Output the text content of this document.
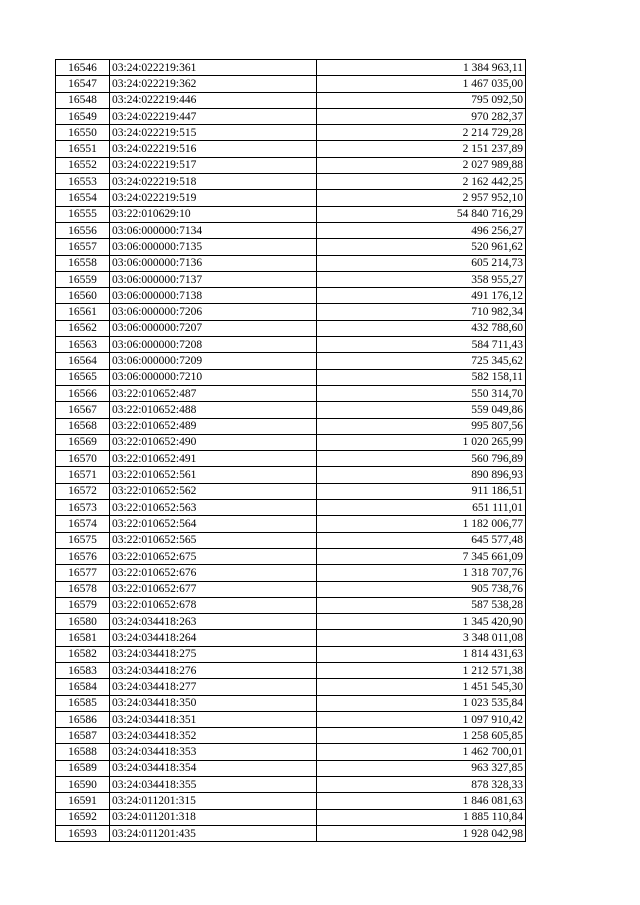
16546	03:24:022219:361	1 384 963,11
16547	03:24:022219:362	1 467 035,00
16548	03:24:022219:446	795 092,50
16549	03:24:022219:447	970 282,37
16550	03:24:022219:515	2 214 729,28
16551	03:24:022219:516	2 151 237,89
16552	03:24:022219:517	2 027 989,88
16553	03:24:022219:518	2 162 442,25
16554	03:24:022219:519	2 957 952,10
16555	03:22:010629:10	54 840 716,29
16556	03:06:000000:7134	496 256,27
16557	03:06:000000:7135	520 961,62
16558	03:06:000000:7136	605 214,73
16559	03:06:000000:7137	358 955,27
16560	03:06:000000:7138	491 176,12
16561	03:06:000000:7206	710 982,34
16562	03:06:000000:7207	432 788,60
16563	03:06:000000:7208	584 711,43
16564	03:06:000000:7209	725 345,62
16565	03:06:000000:7210	582 158,11
16566	03:22:010652:487	550 314,70
16567	03:22:010652:488	559 049,86
16568	03:22:010652:489	995 807,56
16569	03:22:010652:490	1 020 265,99
16570	03:22:010652:491	560 796,89
16571	03:22:010652:561	890 896,93
16572	03:22:010652:562	911 186,51
16573	03:22:010652:563	651 111,01
16574	03:22:010652:564	1 182 006,77
16575	03:22:010652:565	645 577,48
16576	03:22:010652:675	7 345 661,09
16577	03:22:010652:676	1 318 707,76
16578	03:22:010652:677	905 738,76
16579	03:22:010652:678	587 538,28
16580	03:24:034418:263	1 345 420,90
16581	03:24:034418:264	3 348 011,08
16582	03:24:034418:275	1 814 431,63
16583	03:24:034418:276	1 212 571,38
16584	03:24:034418:277	1 451 545,30
16585	03:24:034418:350	1 023 535,84
16586	03:24:034418:351	1 097 910,42
16587	03:24:034418:352	1 258 605,85
16588	03:24:034418:353	1 462 700,01
16589	03:24:034418:354	963 327,85
16590	03:24:034418:355	878 328,33
16591	03:24:011201:315	1 846 081,63
16592	03:24:011201:318	1 885 110,84
16593	03:24:011201:435	1 928 042,98
